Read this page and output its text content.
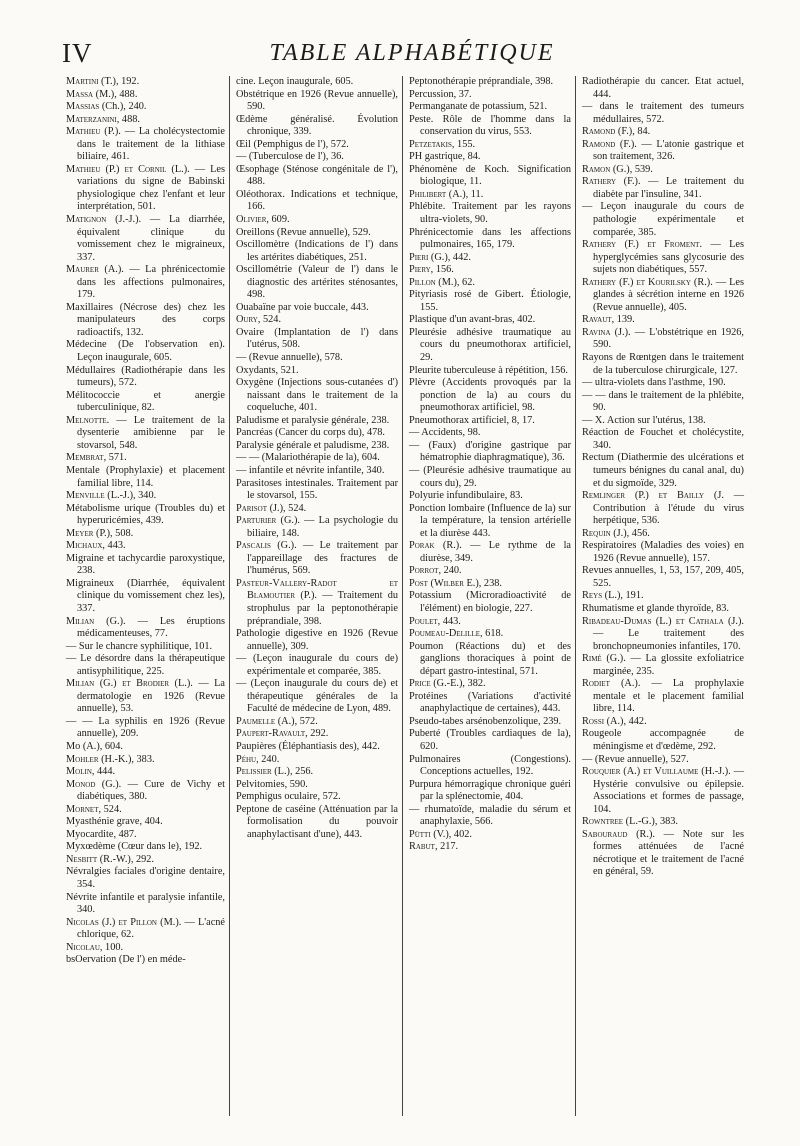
IV	TABLE ALPHABÉTIQUE

Martini (T.), 192.

Massa (M.), 488.

Massias (Ch.), 240.

Materzanini, 488.

Mathieu (P.). — La cholécystectomie dans le traitement de la lithiase biliaire, 461.

Mathieu (P.) et Cornil (L.). — Les variations du signe de Babinski physiologique chez l'enfant et leur interprétation, 501.

Matignon (J.-J.). — La diarrhée, équivalent clinique du vomissement chez le migraineux, 337.

Maurer (A.). — La phrénicectomie dans les affections pulmonaires, 179.

Maxillaires (Nécrose des) chez les manipulateurs des corps radioactifs, 132.

Médecine (De l'observation en). Leçon inaugurale, 605.

Médullaires (Radiothérapie dans les tumeurs), 572.

Mélitococcie et anergie tuberculinique, 82.

Melnotte. — Le traitement de la dysenterie amibienne par le stovarsol, 548.

Membrat, 571.

Mentale (Prophylaxie) et placement familial libre, 114.

Menville (L.-J.), 340.

Métabolisme urique (Troubles du) et hyperuricémies, 439.

Meyer (P.), 508.

Michaux, 443.

Migraine et tachycardie paroxystique, 238.

Migraineux (Diarrhée, équivalent clinique du vomissement chez les), 337.

Milian (G.). — Les éruptions médicamenteuses, 77.

— Sur le chancre syphilitique, 101.

— Le désordre dans la thérapeutique antisyphilitique, 225.

Milian (G.) et Brodier (L.). — La dermatologie en 1926 (Revue annuelle), 53.

— — La syphilis en 1926 (Revue annuelle), 209.

Mo (A.), 604.

Mohler (H.-K.), 383.

Molin, 444.

Monod (G.). — Cure de Vichy et diabétiques, 380.

Mornet, 524.

Myasthénie grave, 404.

Myocardite, 487.

Myxœdème (Cœur dans le), 192.

Nesbitt (R.-W.), 292.

Névralgies faciales d'origine dentaire, 354.

Névrite infantile et paralysie infantile, 340.

Nicolas (J.) et Pillon (M.). — L'acné chlorique, 62.

Nicolau, 100.

bsOervation (De l') en méde-

cine. Leçon inaugurale, 605.

Obstétrique en 1926 (Revue annuelle), 590.

Œdème généralisé. Évolution chronique, 339.

Œil (Pemphigus de l'), 572.

— (Tuberculose de l'), 36.

Œsophage (Sténose congénitale de l'), 488.

Oléothorax. Indications et technique, 166.

Olivier, 609.

Oreillons (Revue annuelle), 529.

Oscillomètre (Indications de l') dans les artérites diabétiques, 251.

Oscillométrie (Valeur de l') dans le diagnostic des artérites sténosantes, 498.

Ouabaïne par voie buccale, 443.

Oury, 524.

Ovaire (Implantation de l') dans l'utérus, 508.

— (Revue annuelle), 578.

Oxydants, 521.

Oxygène (Injections sous-cutanées d') naissant dans le traitement de la coqueluche, 401.

Paludisme et paralysie générale, 238.

Pancréas (Cancer du corps du), 478.

Paralysie générale et paludisme, 238.

— — (Malariothérapie de la), 604.

— infantile et névrite infantile, 340.

Parasitoses intestinales. Traitement par le stovarsol, 155.

Parisot (J.), 524.

Parturier (G.). — La psychologie du biliaire, 148.

Pascalis (G.). — Le traitement par l'appareillage des fractures de l'humérus, 569.

Pasteur-Vallery-Radot et Blamoutier (P.). — Traitement du strophulus par la peptonothérapie préprandiale, 398.

Pathologie digestive en 1926 (Revue annuelle), 309.

— (Leçon inaugurale du cours de) expérimentale et comparée, 385.

— (Leçon inaugurale du cours de) et thérapeutique générales de la Faculté de médecine de Lyon, 489.

Paumelle (A.), 572.

Paupert-Ravault, 292.

Paupières (Éléphantiasis des), 442.

Péhu, 240.

Pelissier (L.), 256.

Pelvitomies, 590.

Pemphigus oculaire, 572.

Peptone de caséine (Atténuation par la formolisation du pouvoir anaphylactisant d'une), 443.

Peptonothérapie préprandiale, 398.

Percussion, 37.

Permanganate de potassium, 521.

Peste. Rôle de l'homme dans la conservation du virus, 553.

Petzetakis, 155.

PH gastrique, 84.

Phénomène de Koch. Signification biologique, 11.

Philibert (A.), 11.

Phlébite. Traitement par les rayons ultra-violets, 90.

Phrénicectomie dans les affections pulmonaires, 165, 179.

Pieri (G.), 442.

Piery, 156.

Pillon (M.), 62.

Pityriasis rosé de Gibert. Étiologie, 155.

Plastique d'un avant-bras, 402.

Pleurésie adhésive traumatique au cours du pneumothorax artificiel, 29.

Pleurite tuberculeuse à répétition, 156.

Plèvre (Accidents provoqués par la ponction de la) au cours du pneumothorax artificiel, 98.

Pneumothorax artificiel, 8, 17.

— Accidents, 98.

— (Faux) d'origine gastrique par hématrophie diaphragmatique), 36.

— (Pleurésie adhésive traumatique au cours du), 29.

Polyurie infundibulaire, 83.

Ponction lombaire (Influence de la) sur la température, la tension artérielle et la diurèse 443.

Porak (R.). — Le rythme de la diurèse, 349.

Porrot, 240.

Post (Wilber E.), 238.

Potassium (Microradioactivité de l'élément) en biologie, 227.

Poulet, 443.

Poumeau-Delille, 618.

Poumon (Réactions du) et des ganglions thoraciques à point de départ gastro-intestinal, 571.

Price (G.-E.), 382.

Protéines (Variations d'activité anaphylactique de certaines), 443.

Pseudo-tabes arsénobenzolique, 239.

Puberté (Troubles cardiaques de la), 620.

Pulmonaires (Congestions). Conceptions actuelles, 192.

Purpura hémorragique chronique guéri par la splénectomie, 404.

— rhumatoïde, maladie du sérum et anaphylaxie, 566.

Pütti (V.), 402.

Rabut, 217.

Radiothérapie du cancer. État actuel, 444.

— dans le traitement des tumeurs médullaires, 572.

Ramond (F.), 84.

Ramond (F.). — L'atonie gastrique et son traitement, 326.

Ramon (G.), 539.

Rathery (F.). — Le traitement du diabète par l'insuline, 341.

— Leçon inaugurale du cours de pathologie expérimentale et comparée, 385.

Rathery (F.) et Froment. — Les hyperglycémies sans glycosurie des sujets non diabétiques, 557.

Rathery (F.) et Kourilsky (R.). — Les glandes à sécrétion interne en 1926 (Revue annuelle), 405.

Ravaut, 139.

Ravina (J.). — L'obstétrique en 1926, 590.

Rayons de Rœntgen dans le traitement de la tuberculose chirurgicale, 127.

— ultra-violets dans l'asthme, 190.

— — dans le traitement de la phlébite, 90.

— X. Action sur l'utérus, 138.

Réaction de Fouchet et cholécystite, 340.

Rectum (Diathermie des ulcérations et tumeurs bénignes du canal anal, du) et du sigmoïde, 329.

Remlinger (P.) et Bailly (J. — Contribution à l'étude du virus herpétique, 536.

Requin (J.), 456.

Respiratoires (Maladies des voies) en 1926 (Revue annuelle), 157.

Revues annuelles, 1, 53, 157, 209, 405, 525.

Reys (L.), 191.

Rhumatisme et glande thyroïde, 83.

Ribadeau-Dumas (L.) et Cathala (J.). — Le traitement des bronchopneumonies infantiles, 170.

Rimé (G.). — La glossite exfoliatrice marginée, 235.

Rodiet (A.). — La prophylaxie mentale et le placement familial libre, 114.

Rossi (A.), 442.

Rougeole accompagnée de méningisme et d'œdème, 292.

— (Revue annuelle), 527.

Rouquier (A.) et Vuillaume (H.-J.). — Hystérie convulsive ou épilepsie. Associations et formes de passage, 104.

Rowntree (L.-G.), 383.

Sabouraud (R.). — Note sur les formes atténuées de l'acné nécrotique et le traitement de l'acné en général, 59.
